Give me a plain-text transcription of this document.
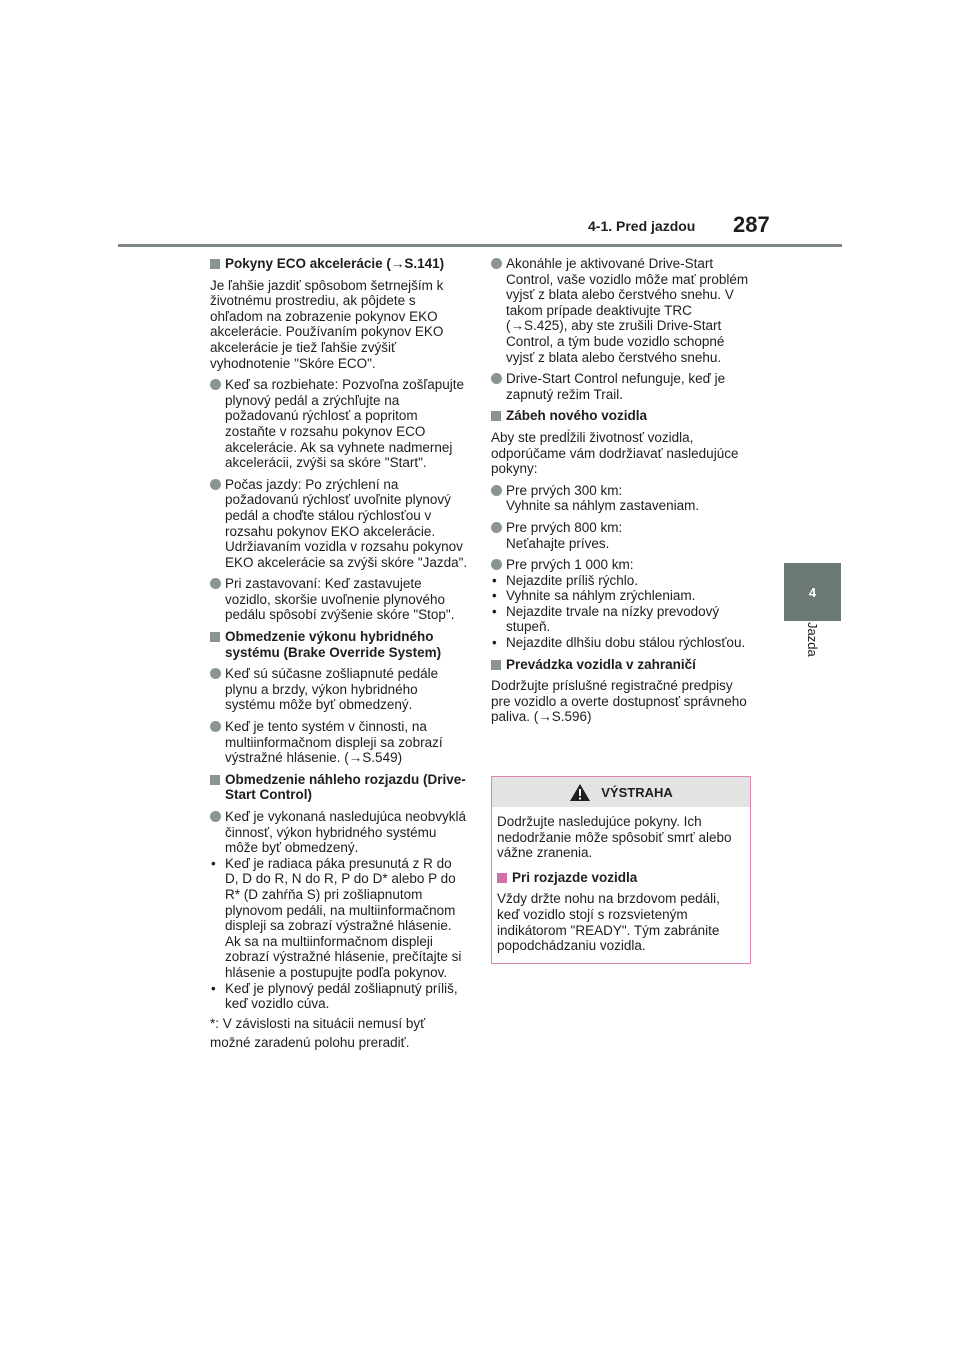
4-1. Pred jazdou 287
4
Jazda
Pokyny ECO akcelerácie (→S.141)
Je ľahšie jazdiť spôsobom šetrnejším k životnému prostrediu, ak pôjdete s ohľadom na zobrazenie pokynov EKO akcelerácie. Používaním pokynov EKO akcelerácie je tiež ľahšie zvýšiť vyhodnotenie "Skóre ECO".
Keď sa rozbiehate: Pozvoľna zošľapujte plynový pedál a zrýchľujte na požadovanú rýchlosť a popritom zostaňte v rozsahu pokynov ECO akcelerácie. Ak sa vyhnete nadmernej akcelerácii, zvýši sa skóre "Start".
Počas jazdy: Po zrýchlení na požadovanú rýchlosť uvoľnite plynový pedál a choďte stálou rýchlosťou v rozsahu pokynov EKO akcelerácie. Udržiavaním vozidla v rozsahu pokynov EKO akcelerácie sa zvýši skóre "Jazda".
Pri zastavovaní: Keď zastavujete vozidlo, skoršie uvoľnenie plynového pedálu spôsobí zvýšenie skóre "Stop".
Obmedzenie výkonu hybridného systému (Brake Override System)
Keď sú súčasne zošliapnuté pedále plynu a brzdy, výkon hybridného systému môže byť obmedzený.
Keď je tento systém v činnosti, na multiinformačnom displeji sa zobrazí výstražné hlásenie. (→S.549)
Obmedzenie náhleho rozjazdu (Drive-Start Control)
Keď je vykonaná nasledujúca neobvyklá činnosť, výkon hybridného systému môže byť obmedzený.
• Keď je radiaca páka presunutá z R do D, D do R, N do R, P do D* alebo P do R* (D zahŕňa S) pri zošliapnutom plynovom pedáli, na multiinformačnom displeji sa zobrazí výstražné hlásenie. Ak sa na multiinformačnom displeji zobrazí výstražné hlásenie, prečítajte si hlásenie a postupujte podľa pokynov.
• Keď je plynový pedál zošliapnutý príliš, keď vozidlo cúva.
*: V závislosti na situácii nemusí byť možné zaradenú polohu preradiť.
Akonáhle je aktivované Drive-Start Control, vaše vozidlo môže mať problém vyjsť z blata alebo čerstvého snehu. V takom prípade deaktivujte TRC (→S.425), aby ste zrušili Drive-Start Control, a tým bude vozidlo schopné vyjsť z blata alebo čerstvého snehu.
Drive-Start Control nefunguje, keď je zapnutý režim Trail.
Zábeh nového vozidla
Aby ste predĺžili životnosť vozidla, odporúčame vám dodržiavať nasledujúce pokyny:
Pre prvých 300 km:
Vyhnite sa náhlym zastaveniam.
Pre prvých 800 km:
Neťahajte príves.
Pre prvých 1 000 km:
• Nejazdite príliš rýchlo.
• Vyhnite sa náhlym zrýchleniam.
• Nejazdite trvale na nízky prevodový stupeň.
• Nejazdite dlhšiu dobu stálou rýchlosťou.
Prevádzka vozidla v zahraničí
Dodržujte príslušné registračné predpisy pre vozidlo a overte dostupnosť správneho paliva. (→S.596)
VÝSTRAHA
Dodržujte nasledujúce pokyny. Ich nedodržanie môže spôsobiť smrť alebo vážne zranenia.
Pri rozjazde vozidla
Vždy držte nohu na brzdovom pedáli, keď vozidlo stojí s rozsvieteným indikátorom "READY". Tým zabránite popodchádzaniu vozidla.
